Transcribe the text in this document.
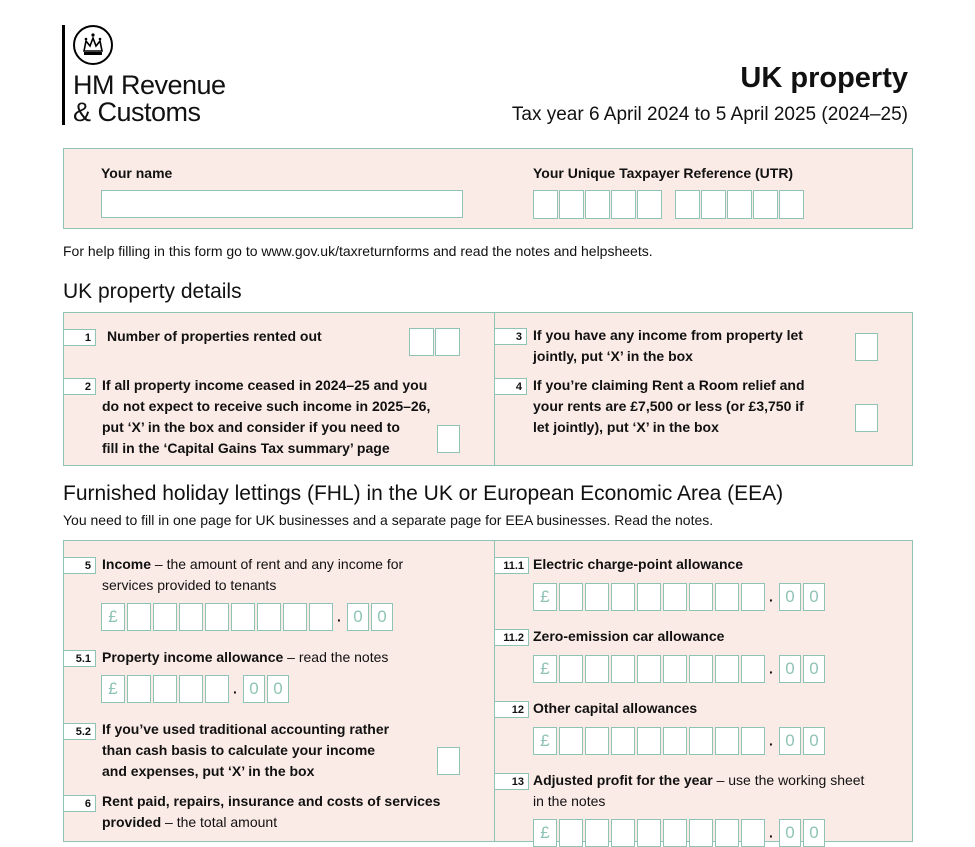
HM Revenue
& Customs
UK property
Tax year 6 April 2024 to 5 April 2025 (2024–25)
Your name	Your Unique Taxpayer Reference (UTR)
For help filling in this form go to www.gov.uk/taxreturnforms and read the notes and helpsheets.
UK property details
1	Number of properties rented out
2 If all property income ceased in 2024–25 and you
do not expect to receive such income in 2025–26,
put ‘X’ in the box and consider if you need to
fill in the ‘Capital Gains Tax summary’ page
3 If you have any income from property let
jointly, put ‘X’ in the box
4 If you’re claiming Rent a Room relief and
your rents are £7,500 or less (or £3,750 if
let jointly), put ‘X’ in the box
Furnished holiday lettings (FHL) in the UK or European Economic Area (EEA)
You need to fill in one page for UK businesses and a separate page for EEA businesses. Read the notes.
5 Income – the amount of rent and any income for
services provided to tenants
£	· 0 0
5.1 Property income allowance – read the notes
£	· 0 0
5.2 If you’ve used traditional accounting rather
than cash basis to calculate your income
and expenses, put ‘X’ in the box
6 Rent paid, repairs, insurance and costs of services
provided – the total amount
11.1 Electric charge-point allowance
£	· 0 0
11.2 Zero-emission car allowance
£	· 0 0
12 Other capital allowances
£	· 0 0
13 Adjusted profit for the year – use the working sheet
in the notes
£	· 0 0
